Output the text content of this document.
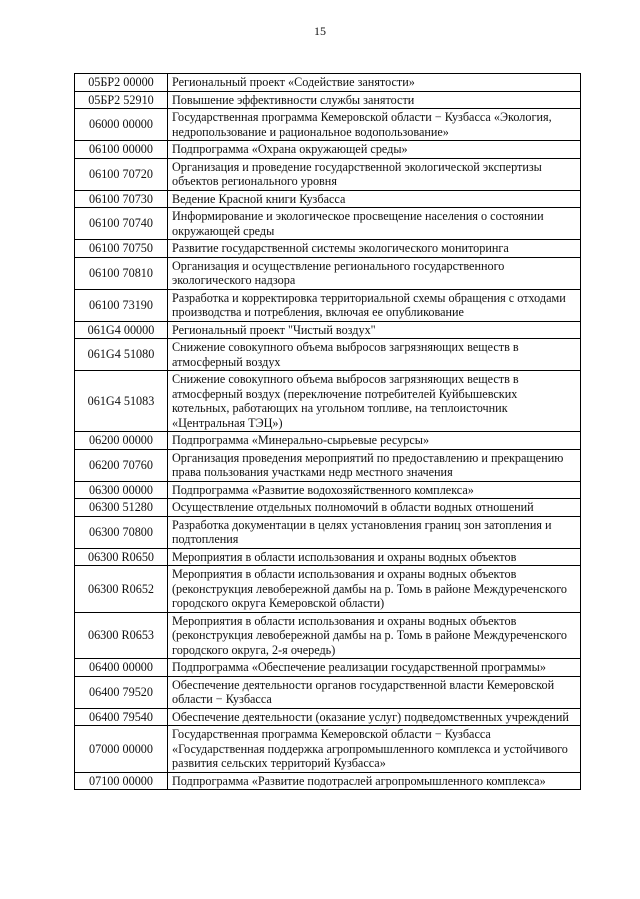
15
05БР2 00000	Региональный проект «Содействие занятости»
05БР2 52910	Повышение эффективности службы занятости
06000 00000	Государственная программа Кемеровской области − Кузбасса «Экология, недропользование и рациональное водопользование»
06100 00000	Подпрограмма «Охрана окружающей среды»
06100 70720	Организация и проведение государственной экологической экспертизы объектов регионального уровня
06100 70730	Ведение Красной книги Кузбасса
06100 70740	Информирование и экологическое просвещение населения о состоянии окружающей среды
06100 70750	Развитие государственной системы экологического мониторинга
06100 70810	Организация и осуществление регионального государственного экологического надзора
06100 73190	Разработка и корректировка территориальной схемы обращения с отходами производства и потребления, включая ее опубликование
061G4 00000	Региональный проект "Чистый воздух"
061G4 51080	Снижение совокупного объема выбросов загрязняющих веществ в атмосферный воздух
061G4 51083	Снижение совокупного объема выбросов загрязняющих веществ в атмосферный воздух (переключение потребителей Куйбышевских котельных, работающих на угольном топливе, на теплоисточник «Центральная ТЭЦ»)
06200 00000	Подпрограмма «Минерально-сырьевые ресурсы»
06200 70760	Организация проведения мероприятий по предоставлению и прекращению права пользования участками недр местного значения
06300 00000	Подпрограмма «Развитие водохозяйственного комплекса»
06300 51280	Осуществление отдельных полномочий в области водных отношений
06300 70800	Разработка документации в целях установления границ зон затопления и подтопления
06300 R0650	Мероприятия в области использования и охраны водных объектов
06300 R0652	Мероприятия в области использования и охраны водных объектов (реконструкция левобережной дамбы на р. Томь в районе Междуреченского городского округа Кемеровской области)
06300 R0653	Мероприятия в области использования и охраны водных объектов (реконструкция левобережной дамбы на р. Томь в районе Междуреченского городского округа, 2-я очередь)
06400 00000	Подпрограмма «Обеспечение реализации государственной программы»
06400 79520	Обеспечение деятельности органов государственной власти Кемеровской области − Кузбасса
06400 79540	Обеспечение деятельности (оказание услуг) подведомственных учреждений
07000 00000	Государственная программа Кемеровской области − Кузбасса «Государственная поддержка агропромышленного комплекса и устойчивого развития сельских территорий Кузбасса»
07100 00000	Подпрограмма «Развитие подотраслей агропромышленного комплекса»
